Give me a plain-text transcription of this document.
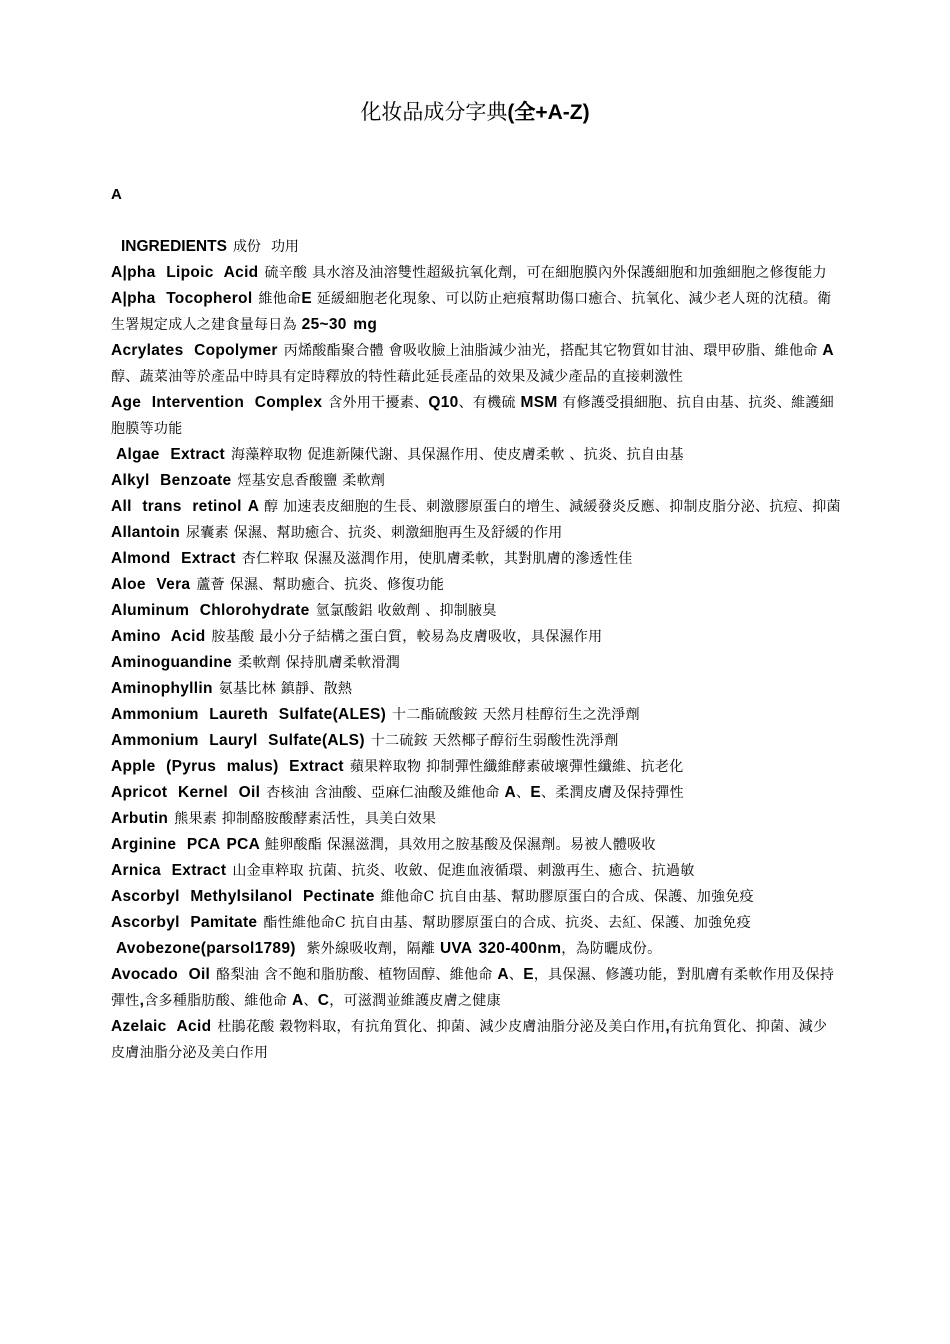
化妆品成分字典(全+A-Z)
A
INGREDIENTS 成份 功用
A|pha Lipoic Acid 硫辛酸 具水溶及油溶雙性超級抗氧化劑，可在細胞膜內外保護細胞和加強細胞之修復能力
A|pha Tocopherol 維他命E 延緩細胞老化現象、可以防止疤痕幫助傷口癒合、抗氧化、減少老人斑的沈積。衛生署規定成人之建食量每日為 25~30 mg
Acrylates Copolymer 丙烯酸酯聚合體 會吸收臉上油脂減少油光，搭配其它物質如甘油、環甲矽脂、維他命 A 醇、蔬菜油等於產品中時具有定時釋放的特性藉此延長產品的效果及減少產品的直接刺激性
Age Intervention Complex 含外用干擾素、Q10、有機硫 MSM 有修護受損細胞、抗自由基、抗炎、維護細胞膜等功能
Algae Extract 海藻粹取物 促進新陳代謝、具保濕作用、使皮膚柔軟 、抗炎、抗自由基
Alkyl Benzoate 烴基安息香酸鹽 柔軟劑
All trans retinol A 醇 加速表皮細胞的生長、刺激膠原蛋白的增生、減緩發炎反應、抑制皮脂分泌、抗痘、抑菌
Allantoin 尿囊素 保濕、幫助癒合、抗炎、刺激細胞再生及舒緩的作用
Almond Extract 杏仁粹取 保濕及滋潤作用，使肌膚柔軟，其對肌膚的滲透性佳
Aloe Vera 蘆薈 保濕、幫助癒合、抗炎、修復功能
Aluminum Chlorohydrate 氫氯酸鋁 收斂劑 、抑制腋臭
Amino Acid 胺基酸 最小分子結構之蛋白質，較易為皮膚吸收，具保濕作用
Aminoguandine 柔軟劑 保持肌膚柔軟滑潤
Aminophyllin 氨基比林 鎮靜、散熱
Ammonium Laureth Sulfate(ALES) 十二酯硫酸銨 天然月桂醇衍生之洗淨劑
Ammonium Lauryl Sulfate(ALS) 十二硫銨 天然椰子醇衍生弱酸性洗淨劑
Apple (Pyrus malus) Extract 蘋果粹取物 抑制彈性纖維酵素破壞彈性纖維、抗老化
Apricot Kernel Oil 杏核油 含油酸、亞麻仁油酸及維他命 A、E、柔潤皮膚及保持彈性
Arbutin 熊果素 抑制酪胺酸酵素活性，具美白效果
Arginine PCA PCA 鮭卵酸酯 保濕滋潤，具效用之胺基酸及保濕劑。易被人體吸收
Arnica Extract 山金車粹取 抗菌、抗炎、收斂、促進血液循環、刺激再生、癒合、抗過敏
Ascorbyl Methylsilanol Pectinate 維他命C 抗自由基、幫助膠原蛋白的合成、保護、加強免疫
Ascorbyl Pamitate 酯性維他命C 抗自由基、幫助膠原蛋白的合成、抗炎、去紅、保護、加強免疫
Avobezone(parsol1789) 紫外線吸收劑，隔離 UVA 320-400nm，為防曬成份。
Avocado Oil 酪梨油 含不飽和脂肪酸、植物固醇、維他命 A、E，具保濕、修護功能，對肌膚有柔軟作用及保持彈性,含多種脂肪酸、維他命 A、C，可滋潤並維護皮膚之健康
Azelaic Acid 杜鵑花酸 穀物料取，有抗角質化、抑菌、減少皮膚油脂分泌及美白作用,有抗角質化、抑菌、減少皮膚油脂分泌及美白作用
